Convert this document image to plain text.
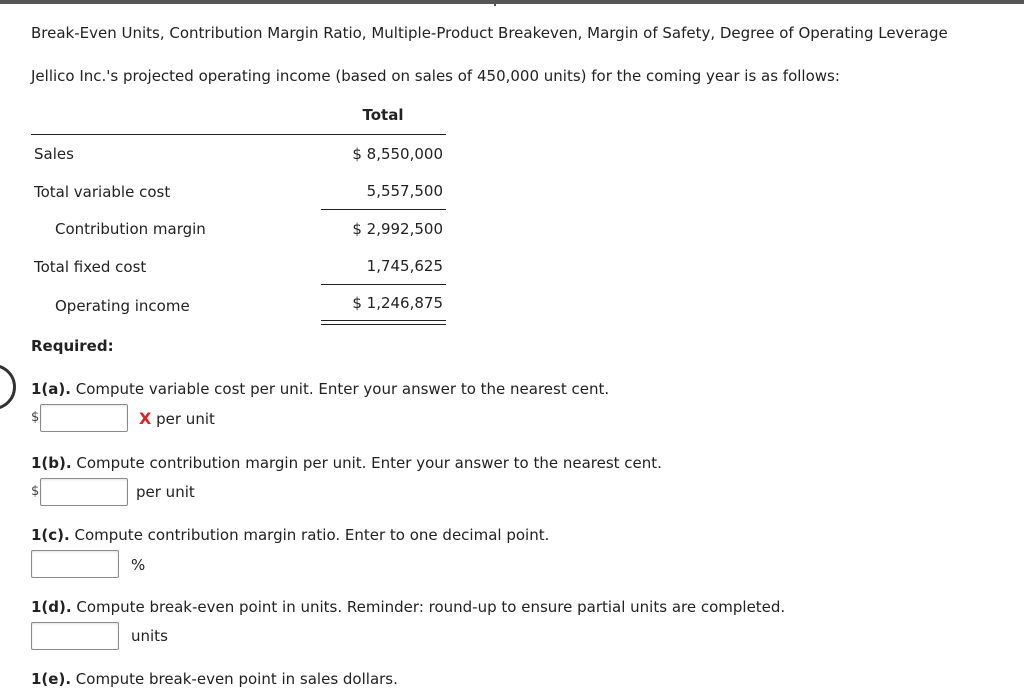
Break-Even Units, Contribution Margin Ratio, Multiple-Product Breakeven, Margin of Safety, Degree of Operating Leverage
Jellico Inc.'s projected operating income (based on sales of 450,000 units) for the coming year is as follows:
Total
Sales	$ 8,550,000
Total variable cost	5,557,500
Contribution margin	$ 2,992,500
Total fixed cost	1,745,625
Operating income	$ 1,246,875
Required:
1(a). Compute variable cost per unit. Enter your answer to the nearest cent.
$	X per unit
1(b). Compute contribution margin per unit. Enter your answer to the nearest cent.
$	per unit
1(c). Compute contribution margin ratio. Enter to one decimal point.
%
1(d). Compute break-even point in units. Reminder: round-up to ensure partial units are completed.
units
1(e). Compute break-even point in sales dollars.
